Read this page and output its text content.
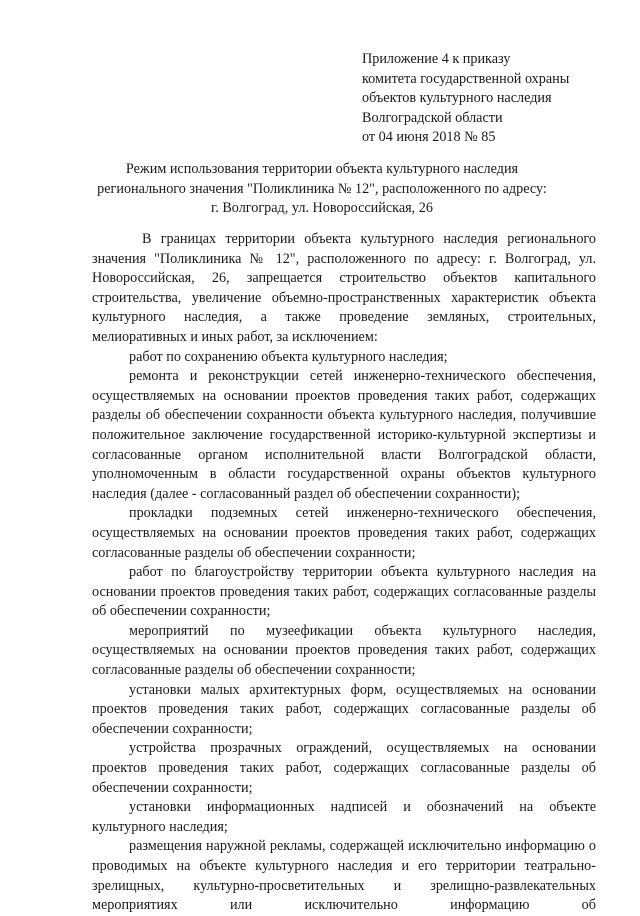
Приложение 4 к приказу
комитета государственной охраны
объектов культурного наследия
Волгоградской области
от 04 июня 2018 № 85
Режим использования территории объекта культурного наследия
регионального значения "Поликлиника № 12", расположенного по адресу:
г. Волгоград, ул. Новороссийская, 26

В границах территории объекта культурного наследия регионального значения "Поликлиника № 12", расположенного по адресу: г. Волгоград, ул. Новороссийская, 26, запрещается строительство объектов капитального строительства, увеличение объемно-пространственных характеристик объекта культурного наследия, а также проведение земляных, строительных, мелиоративных и иных работ, за исключением:

работ по сохранению объекта культурного наследия;

ремонта и реконструкции сетей инженерно-технического обеспечения, осуществляемых на основании проектов проведения таких работ, содержащих разделы об обеспечении сохранности объекта культурного наследия, получившие положительное заключение государственной историко-культурной экспертизы и согласованные органом исполнительной власти Волгоградской области, уполномоченным в области государственной охраны объектов культурного наследия (далее - согласованный раздел об обеспечении сохранности);

прокладки подземных сетей инженерно-технического обеспечения, осуществляемых на основании проектов проведения таких работ, содержащих согласованные разделы об обеспечении сохранности;

работ по благоустройству территории объекта культурного наследия на основании проектов проведения таких работ, содержащих согласованные разделы об обеспечении сохранности;

мероприятий по музеефикации объекта культурного наследия, осуществляемых на основании проектов проведения таких работ, содержащих согласованные разделы об обеспечении сохранности;

установки малых архитектурных форм, осуществляемых на основании проектов проведения таких работ, содержащих согласованные разделы об обеспечении сохранности;

устройства прозрачных ограждений, осуществляемых на основании проектов проведения таких работ, содержащих согласованные разделы об обеспечении сохранности;

установки информационных надписей и обозначений на объекте культурного наследия;

размещения наружной рекламы, содержащей исключительно информацию о проводимых на объекте культурного наследия и его территории театрально-зрелищных, культурно-просветительных и зрелищно-развлекательных мероприятиях или исключительно информацию об
